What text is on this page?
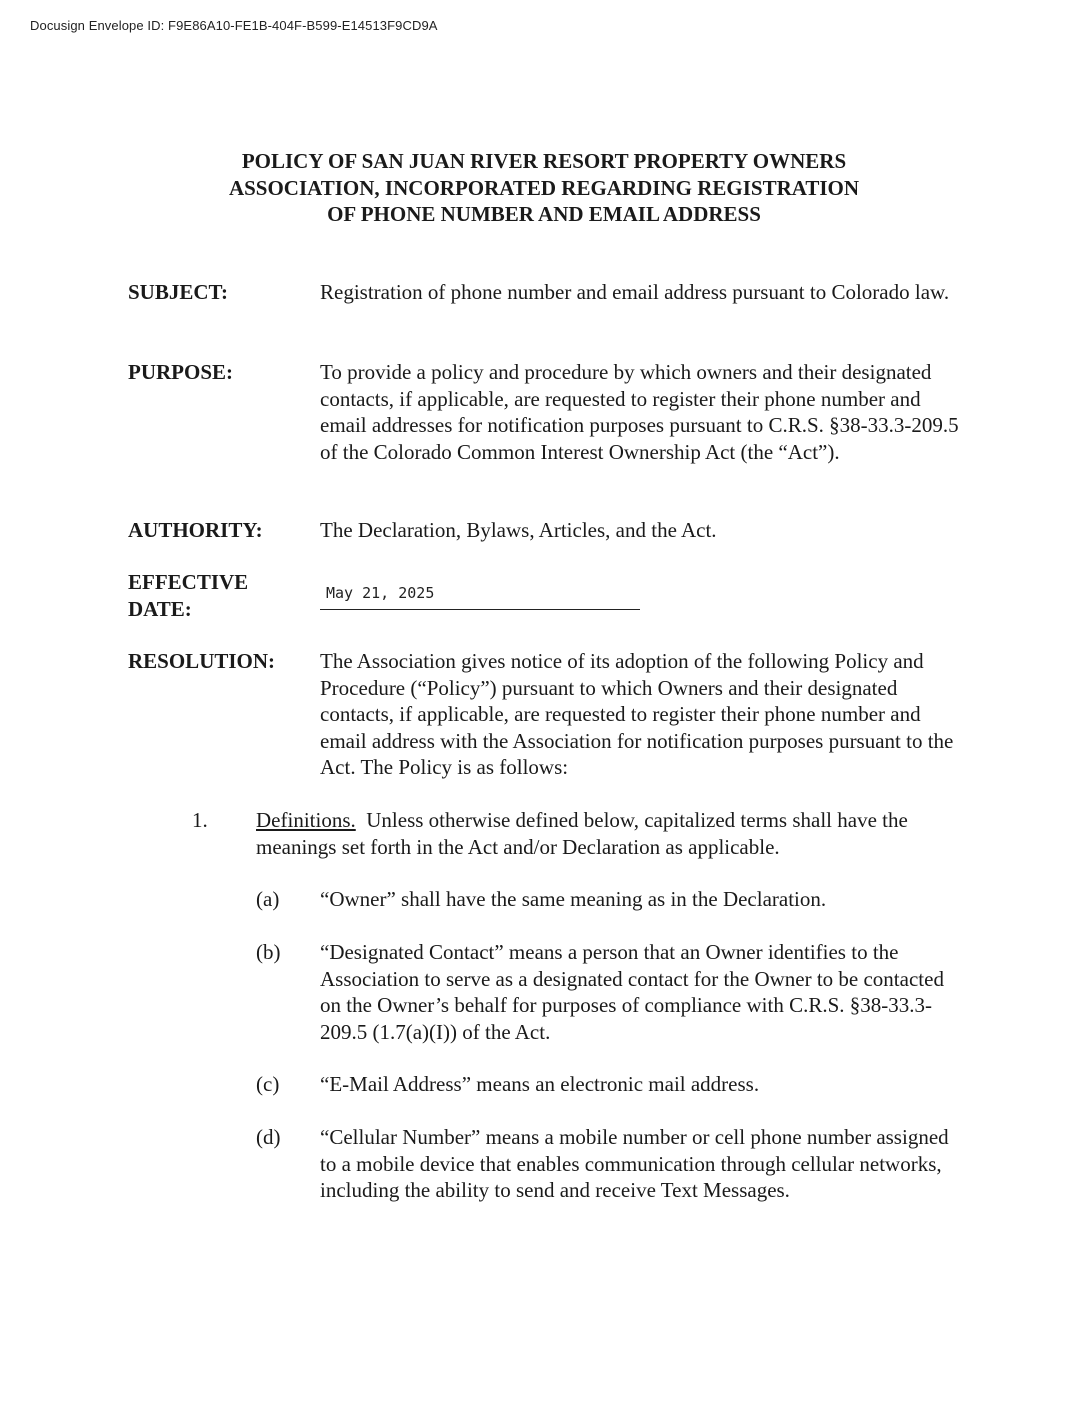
Docusign Envelope ID: F9E86A10-FE1B-404F-B599-E14513F9CD9A
POLICY OF SAN JUAN RIVER RESORT PROPERTY OWNERS
ASSOCIATION, INCORPORATED REGARDING REGISTRATION
OF PHONE NUMBER AND EMAIL ADDRESS
SUBJECT:	Registration of phone number and email address pursuant to Colorado law.
PURPOSE:	To provide a policy and procedure by which owners and their designated contacts, if applicable, are requested to register their phone number and email addresses for notification purposes pursuant to C.R.S. §38-33.3-209.5 of the Colorado Common Interest Ownership Act (the “Act”).
AUTHORITY:	The Declaration, Bylaws, Articles, and the Act.
EFFECTIVE
DATE:
May 21, 2025
RESOLUTION:	The Association gives notice of its adoption of the following Policy and Procedure (“Policy”) pursuant to which Owners and their designated contacts, if applicable, are requested to register their phone number and email address with the Association for notification purposes pursuant to the Act. The Policy is as follows:
1. Definitions. Unless otherwise defined below, capitalized terms shall have the meanings set forth in the Act and/or Declaration as applicable.
(a) “Owner” shall have the same meaning as in the Declaration.
(b) “Designated Contact” means a person that an Owner identifies to the Association to serve as a designated contact for the Owner to be contacted on the Owner’s behalf for purposes of compliance with C.R.S. §38-33.3-209.5 (1.7(a)(I)) of the Act.
(c) “E-Mail Address” means an electronic mail address.
(d) “Cellular Number” means a mobile number or cell phone number assigned to a mobile device that enables communication through cellular networks, including the ability to send and receive Text Messages.
